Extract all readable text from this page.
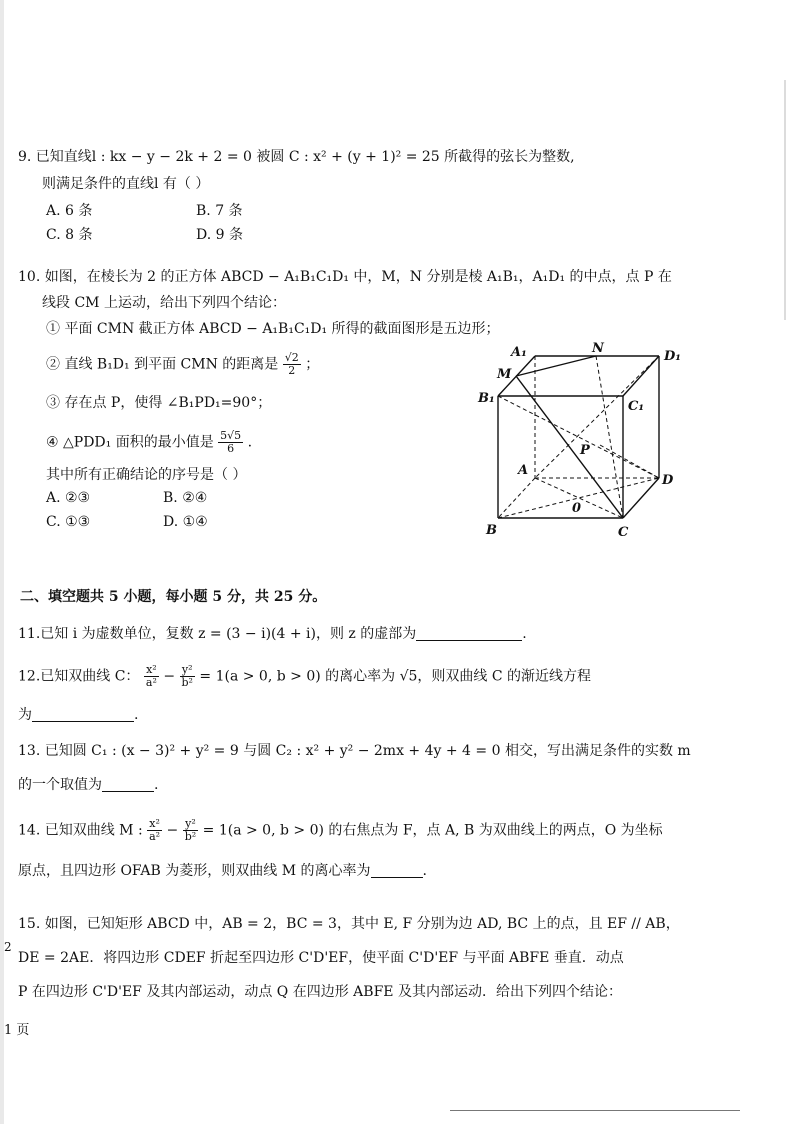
9. 已知直线l : kx − y − 2k + 2 = 0 被圆 C : x² + (y + 1)² = 25 所截得的弦长为整数,
则满足条件的直线l 有（ ）
A. 6 条	B. 7 条
C. 8 条	D. 9 条
10. 如图，在棱长为 2 的正方体 ABCD − A₁B₁C₁D₁ 中，M，N 分别是棱 A₁B₁，A₁D₁ 的中点，点 P 在
线段 CM 上运动，给出下列四个结论：
① 平面 CMN 截正方体 ABCD − A₁B₁C₁D₁ 所得的截面图形是五边形；
② 直线 B₁D₁ 到平面 CMN 的距离是 $\frac{√2}{2}$ ；
③ 存在点 P，使得 ∠B₁PD₁=90°；
④ △PDD₁ 面积的最小值是 $\frac{5√5}{6}$ .
其中所有正确结论的序号是（ ）
A. ②③	B. ②④
C. ①③	D. ①④
A₁	N
D₁
M
B₁
C₁
P
A
D
0
B	C
二、填空题共 5 小题，每小题 5 分，共 25 分。
11.已知 i 为虚数单位，复数 z = (3 − i)(4 + i)，则 z 的虚部为	.
12.已知双曲线 C： $\frac{\text{x²}}{\text{a²}} - \frac{\text{y²}}{\text{b²}} = 1(a > 0$, b > 0) 的离心率为 √5，则双曲线 C 的渐近线方程
为	.
13. 已知圆 C₁ : (x − 3)² + y² = 9 与圆 C₂ : x² + y² − 2mx + 4y + 4 = 0 相交，写出满足条件的实数 m
的一个取值为	.
14. 已知双曲线 M : $\frac{\text{x²}}{\text{a²}} - \frac{\text{y²}}{\text{b²}} = 1(a > 0$, b > 0) 的右焦点为 F，点 A, B 为双曲线上的两点，O 为坐标
原点，且四边形 OFAB 为菱形，则双曲线 M 的离心率为	.
15. 如图，已知矩形 ABCD 中，AB = 2，BC = 3，其中 E, F 分别为边 AD, BC 上的点，且 EF // AB，
DE = 2AE．将四边形 CDEF 折起至四边形 C'D'EF，使平面 C'D'EF 与平面 ABFE 垂直．动点
P 在四边形 C'D'EF 及其内部运动，动点 Q 在四边形 ABFE 及其内部运动．给出下列四个结论：
2
1 页
